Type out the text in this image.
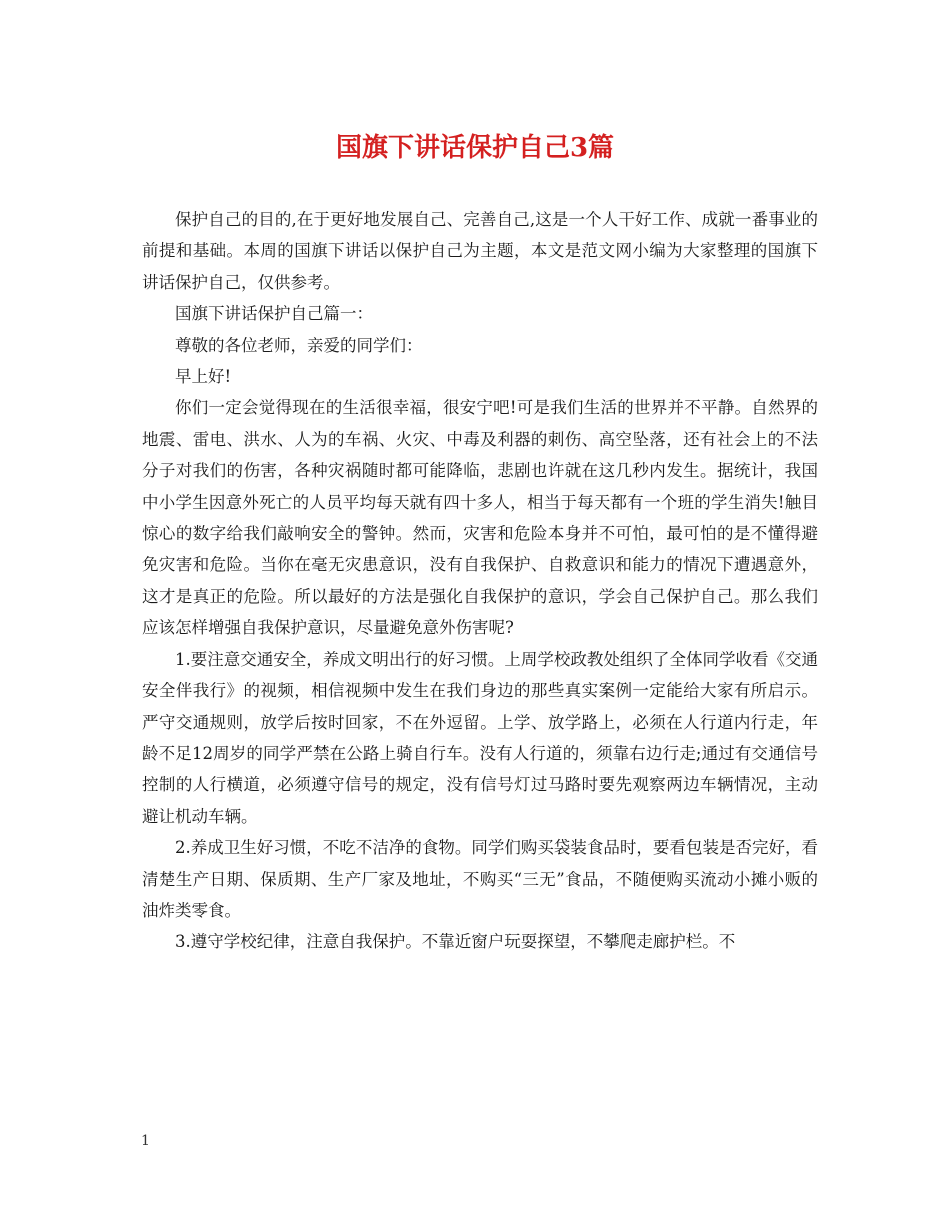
国旗下讲话保护自己3篇

保护自己的目的,在于更好地发展自己、完善自己,这是一个人干好工作、成就一番事业的前提和基础。本周的国旗下讲话以保护自己为主题，本文是范文网小编为大家整理的国旗下讲话保护自己，仅供参考。

国旗下讲话保护自己篇一：

尊敬的各位老师，亲爱的同学们：

早上好!

你们一定会觉得现在的生活很幸福，很安宁吧!可是我们生活的世界并不平静。自然界的地震、雷电、洪水、人为的车祸、火灾、中毒及利器的刺伤、高空坠落，还有社会上的不法分子对我们的伤害，各种灾祸随时都可能降临，悲剧也许就在这几秒内发生。据统计，我国中小学生因意外死亡的人员平均每天就有四十多人，相当于每天都有一个班的学生消失!触目惊心的数字给我们敲响安全的警钟。然而，灾害和危险本身并不可怕，最可怕的是不懂得避免灾害和危险。当你在毫无灾患意识，没有自我保护、自救意识和能力的情况下遭遇意外，这才是真正的危险。所以最好的方法是强化自我保护的意识，学会自己保护自己。那么我们应该怎样增强自我保护意识，尽量避免意外伤害呢?

1.要注意交通安全，养成文明出行的好习惯。上周学校政教处组织了全体同学收看《交通安全伴我行》的视频，相信视频中发生在我们身边的那些真实案例一定能给大家有所启示。严守交通规则，放学后按时回家，不在外逗留。上学、放学路上，必须在人行道内行走，年龄不足12周岁的同学严禁在公路上骑自行车。没有人行道的，须靠右边行走;通过有交通信号控制的人行横道，必须遵守信号的规定，没有信号灯过马路时要先观察两边车辆情况，主动避让机动车辆。

2.养成卫生好习惯，不吃不洁净的食物。同学们购买袋装食品时，要看包装是否完好，看清楚生产日期、保质期、生产厂家及地址，不购买“三无”食品，不随便购买流动小摊小贩的油炸类零食。

3.遵守学校纪律，注意自我保护。不靠近窗户玩耍探望，不攀爬走廊护栏。不

1
